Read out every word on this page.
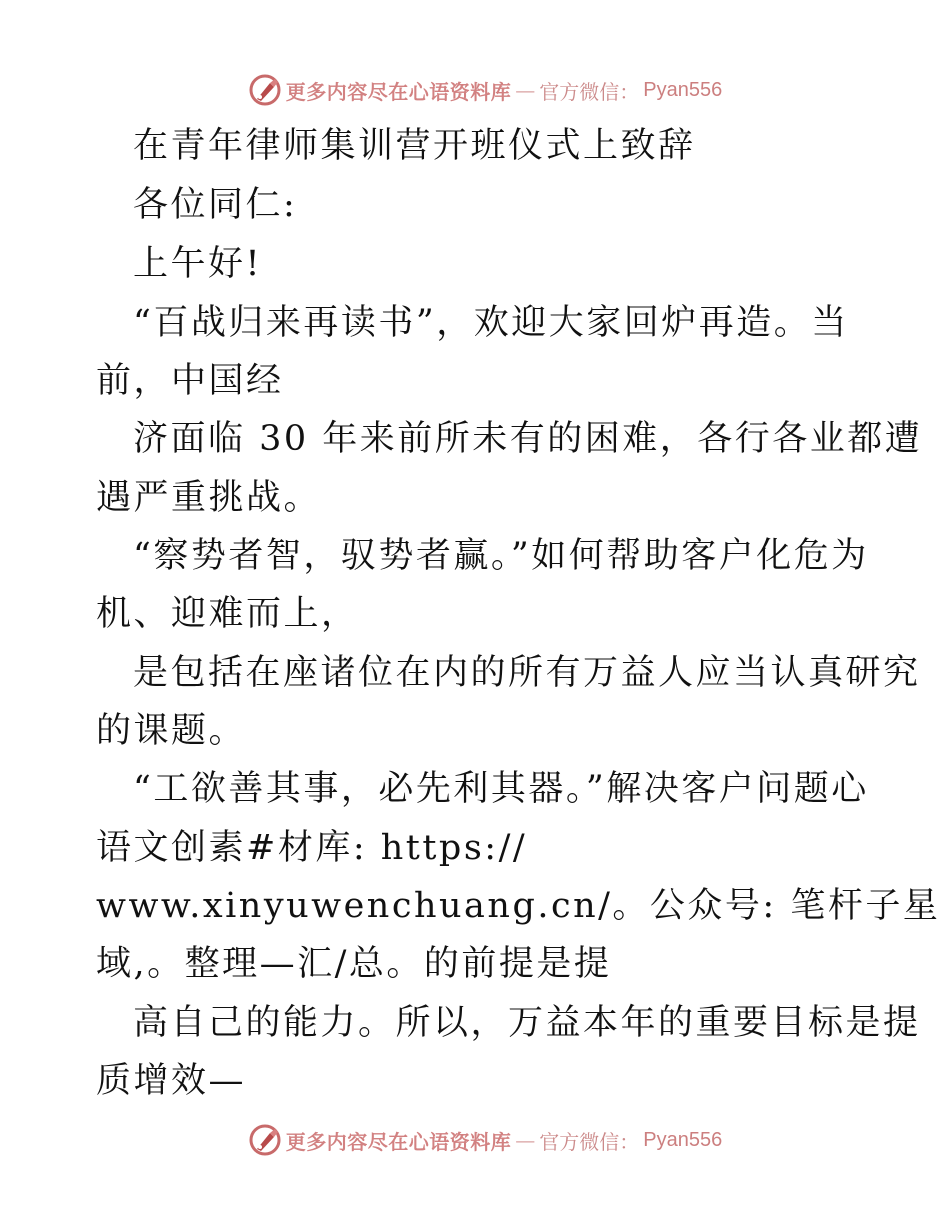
更多内容尽在心语资料库 — 官方微信： Pyan556
在青年律师集训营开班仪式上致辞
各位同仁:
上午好!
“百战归来再读书”，欢迎大家回炉再造。当
前，中国经
济面临 30 年来前所未有的困难，各行各业都遭
遇严重挑战。
“察势者智，驭势者赢。”如何帮助客户化危为
机、迎难而上，
是包括在座诸位在内的所有万益人应当认真研究
的课题。
“工欲善其事，必先利其器。”解决客户问题心
语文创素#材库: https://
www.xinyuwenchuang.cn/。公众号: 笔杆子星
域,。整理—汇/总。的前提是提
高自己的能力。所以，万益本年的重要目标是提
质增效—
更多内容尽在心语资料库 — 官方微信： Pyan556
